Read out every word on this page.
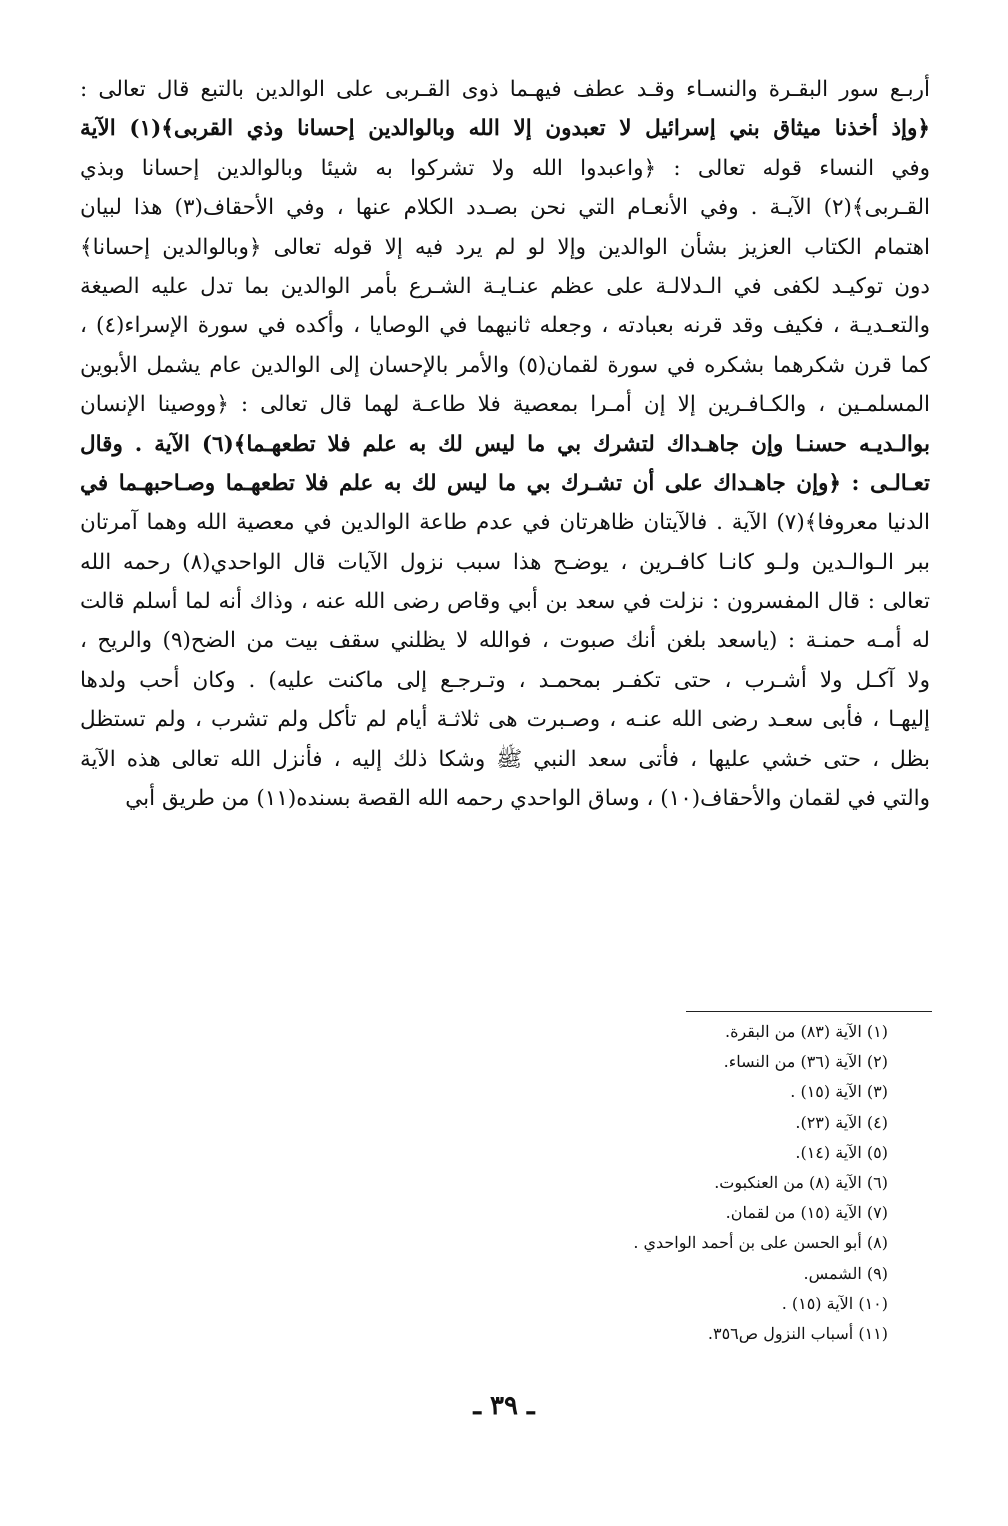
أربـع سور البقـرة والنسـاء وقـد عطف فيهـما ذوى القـربى على الوالدين بالتبع قال تعالى :
﴿وإذ أخذنا ميثاق بني إسرائيل لا تعبدون إلا الله وبالوالدين إحسانا وذي القربى﴾(١) الآية
وفي النساء قوله تعالى : ﴿واعبدوا الله ولا تشركوا به شيئا وبالوالدين إحسانا وبذي
القـربى﴾(٢) الآيـة . وفي الأنعـام التي نحن بصـدد الكلام عنها ، وفي الأحقاف(٣) هذا لبيان
اهتمام الكتاب العزيز بشأن الوالدين وإلا لو لم يرد فيه إلا قوله تعالى ﴿وبالوالدين إحسانا﴾
دون توكيـد لكفى في الـدلالـة على عظم عنـايـة الشـرع بأمر الوالدين بما تدل عليه الصيغة
والتعـديـة ، فكيف وقد قرنه بعبادته ، وجعله ثانيهما في الوصايا ، وأكده في سورة الإسراء(٤) ،
كما قرن شكرهما بشكره في سورة لقمان(٥) والأمر بالإحسان إلى الوالدين عام يشمل الأبوين
المسلمـين ، والكـافـرين إلا إن أمـرا بمعصية فلا طاعـة لهما قال تعالى : ﴿ووصينا الإنسان
بوالـديـه حسنـا وإن جاهـداك لتشرك بي ما ليس لك به علم فلا تطعهـما﴾(٦) الآية . وقال
تعـالـى : ﴿وإن جاهـداك على أن تشـرك بي ما ليس لك به علم فلا تطعهـما وصـاحبهـما في
الدنيا معروفا﴾(٧) الآية . فالآيتان ظاهرتان في عدم طاعة الوالدين في معصية الله وهما آمرتان
ببر الـوالـدين ولـو كانـا كافـرين ، يوضـح هذا سبب نزول الآيات قال الواحدي(٨) رحمه الله
تعالى : قال المفسرون : نزلت في سعد بن أبي وقاص رضى الله عنه ، وذاك أنه لما أسلم قالت
له أمـه حمنـة : (ياسعد بلغن أنك صبوت ، فوالله لا يظلني سقف بيت من الضح(٩) والريح ،
ولا آكـل ولا أشـرب ، حتى تكفـر بمحمـد ، وتـرجـع إلى ماكنت عليه) . وكان أحب ولدها
إليهـا ، فأبى سعـد رضى الله عنـه ، وصـبرت هى ثلاثـة أيام لم تأكل ولم تشرب ، ولم تستظل
بظل ، حتى خشي عليها ، فأتى سعد النبي ﷺ وشكا ذلك إليه ، فأنزل الله تعالى هذه الآية
والتي في لقمان والأحقاف(١٠) ، وساق الواحدي رحمه الله القصة بسنده(١١) من طريق أبي
(١) الآية (٨٣) من البقرة.
(٢) الآية (٣٦) من النساء.
(٣) الآية (١٥) .
(٤) الآية (٢٣).
(٥) الآية (١٤).
(٦) الآية (٨) من العنكبوت.
(٧) الآية (١٥) من لقمان.
(٨) أبو الحسن على بن أحمد الواحدي .
(٩) الشمس.
(١٠) الآية (١٥) .
(١١) أسباب النزول ص٣٥٦.
ـ ٣٩ ـ
